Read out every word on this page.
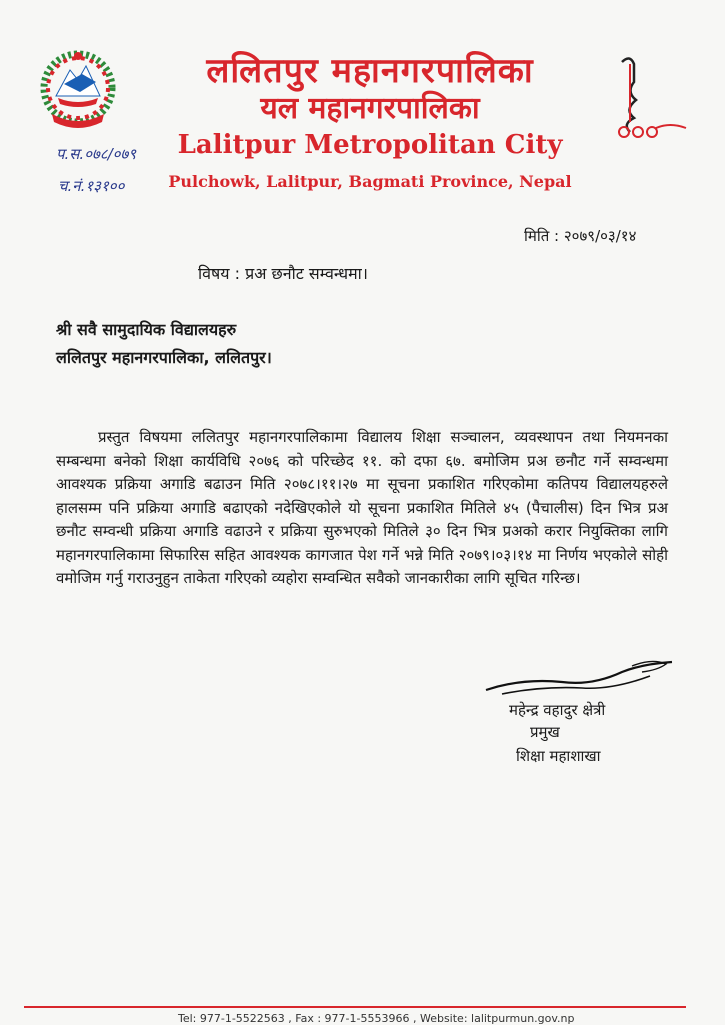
ललितपुर महानगरपालिका
यल महानगरपालिका
Lalitpur Metropolitan City
Pulchowk, Lalitpur, Bagmati Province, Nepal
प.स.०७८/०७९
च.नं.१३१००
मिति : २०७९/०३/१४
विषय : प्रअ छनौट सम्वन्धमा।
श्री सवै सामुदायिक विद्यालयहरु
ललितपुर महानगरपालिका, ललितपुर।
प्रस्तुत विषयमा ललितपुर महानगरपालिकामा विद्यालय शिक्षा सञ्चालन, व्यवस्थापन तथा नियमनका सम्बन्धमा बनेको शिक्षा कार्यविधि २०७६ को परिच्छेद ११. को दफा ६७. बमोजिम प्रअ छनौट गर्ने सम्वन्धमा आवश्यक प्रक्रिया अगाडि बढाउन मिति २०७८।११।२७ मा सूचना प्रकाशित गरिएकोमा कतिपय विद्यालयहरुले हालसम्म पनि प्रक्रिया अगाडि बढाएको नदेखिएकोले यो सूचना प्रकाशित मितिले ४५ (पैचालीस) दिन भित्र प्रअ छनौट सम्वन्धी प्रक्रिया अगाडि वढाउने र प्रक्रिया सुरुभएको मितिले ३० दिन भित्र प्रअको करार नियुक्तिका लागि महानगरपालिकामा सिफारिस सहित आवश्यक कागजात पेश गर्ने भन्ने मिति २०७९।०३।१४ मा निर्णय भएकोले सोही वमोजिम गर्नु गराउनुहुन ताकेता गरिएको व्यहोरा सम्वन्धित सवैको जानकारीका लागि सूचित गरिन्छ।
महेन्द्र वहादुर क्षेत्री
प्रमुख
शिक्षा महाशाखा
Tel: 977-1-5522563 , Fax : 977-1-5553966 , Website: lalitpurmun.gov.np
